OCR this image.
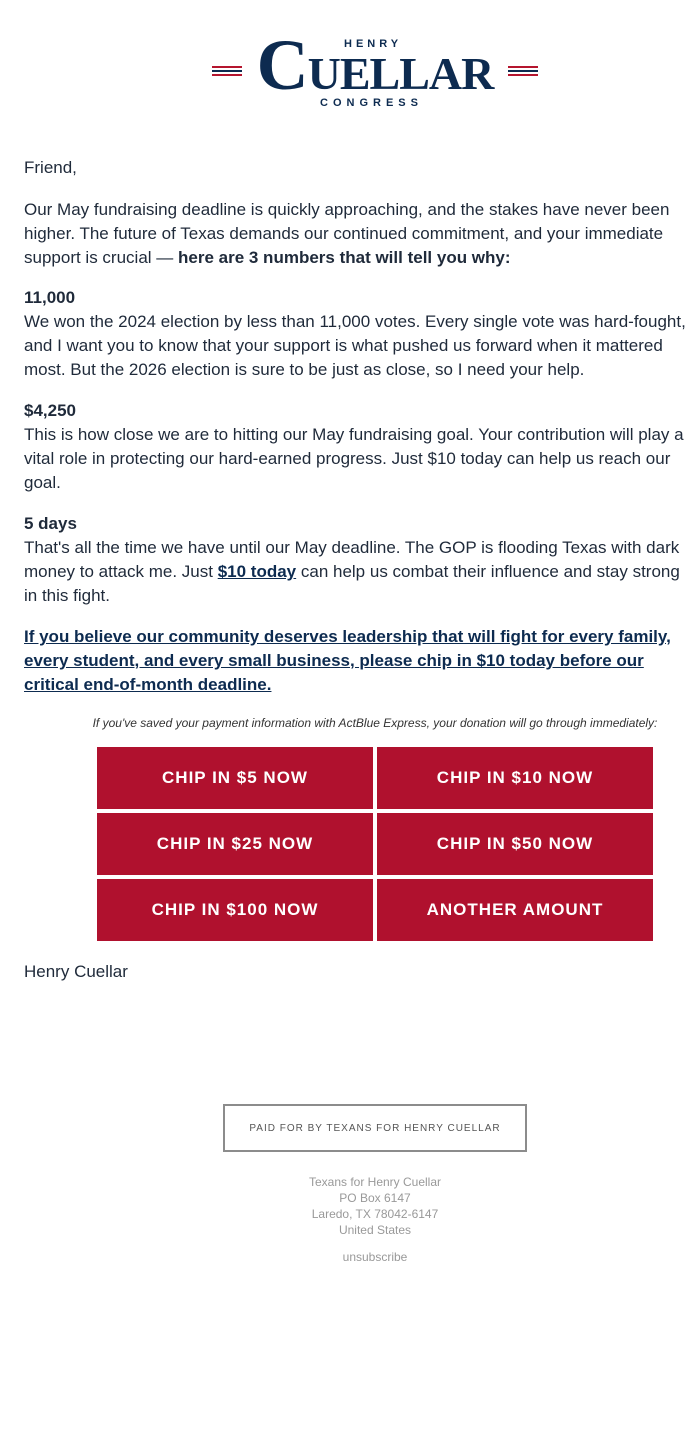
CUELLAR
HENRY
CONGRESS

Friend,

Our May fundraising deadline is quickly approaching, and the stakes have never been
higher. The future of Texas demands our continued commitment, and your immediate
support is crucial — here are 3 numbers that will tell you why:

11,000
We won the 2024 election by less than 11,000 votes. Every single vote was hard-fought,
and I want you to know that your support is what pushed us forward when it mattered
most. But the 2026 election is sure to be just as close, so I need your help.

$4,250
This is how close we are to hitting our May fundraising goal. Your contribution will play a
vital role in protecting our hard-earned progress. Just $10 today can help us reach our
goal.

5 days
That's all the time we have until our May deadline. The GOP is flooding Texas with dark
money to attack me. Just $10 today can help us combat their influence and stay strong
in this fight.

If you believe our community deserves leadership that will fight for every family,
every student, and every small business, please chip in $10 today before our
critical end-of-month deadline.
If you've saved your payment information with ActBlue Express, your donation will go through immediately:
CHIP IN $5 NOW	CHIP IN $10 NOW
CHIP IN $25 NOW	CHIP IN $50 NOW
CHIP IN $100 NOW	ANOTHER AMOUNT
Henry Cuellar
PAID FOR BY TEXANS FOR HENRY CUELLAR
Texans for Henry Cuellar
PO Box 6147
Laredo, TX 78042-6147
United States
unsubscribe
